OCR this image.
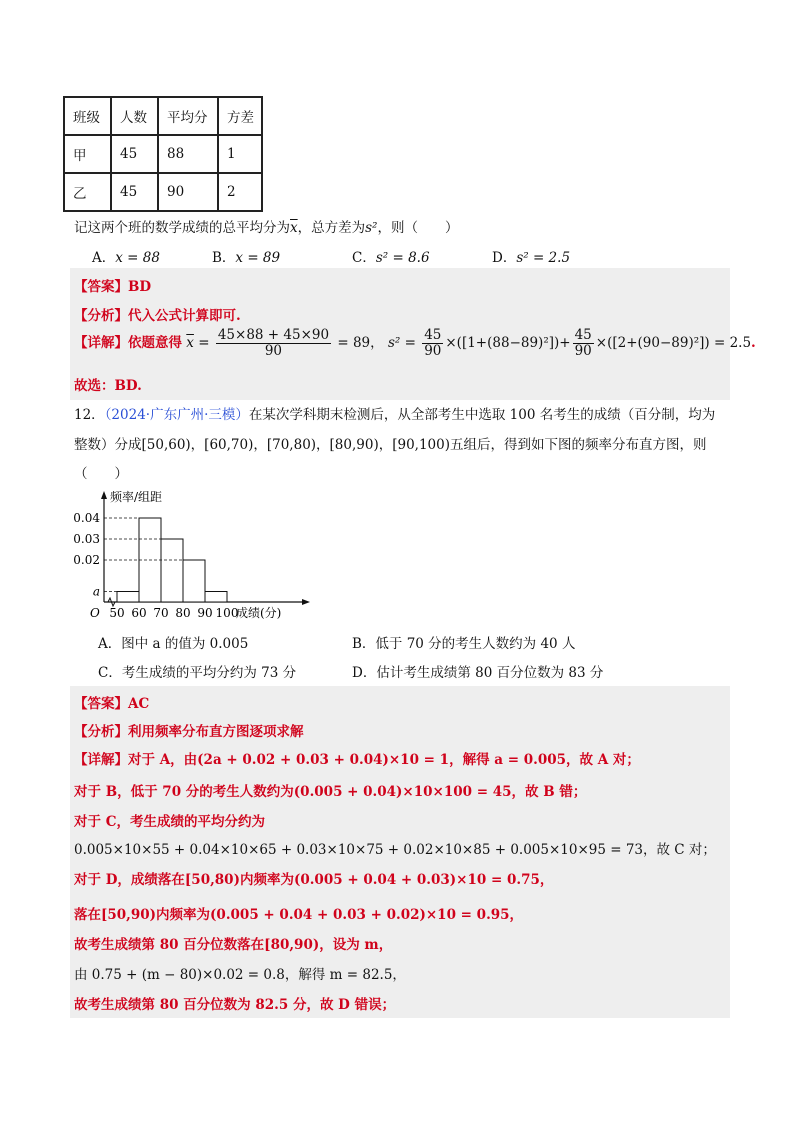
班级	人数	平均分	方差
甲	45	88	1
乙	45	90	2
记这两个班的数学成绩的总平均分为$\overline{x}$，总方差为s²，则（　　）
A．x = 88	B．x = 89	C．s² = 8.6	D．s² = 2.5
【答案】BD
【分析】代入公式计算即可.
【详解】依题意得 $\overline{x} = \frac{45\times 88 + 45\times 90}{90} = 89$， $s^2 = \frac{45}{90} \times([1+(88-89)^2])+ \frac{45}{90} \times([2+(90-89)^2]) = 2.5$.
故选：BD.
12．（2024·广东广州·三模）在某次学科期末检测后，从全部考生中选取 100 名考生的成绩（百分制，均为
整数）分成[50,60)，[60,70)，[70,80)，[80,90)，[90,100)五组后，得到如下图的频率分布直方图，则
（　　）
0.04
0.03
0.02
a
50 60 70 80 90 100
O
频率/组距
成绩(分)
A．图中 a 的值为 0.005	B．低于 70 分的考生人数约为 40 人
C．考生成绩的平均分约为 73 分	D．估计考生成绩第 80 百分位数为 83 分
【答案】AC
【分析】利用频率分布直方图逐项求解
【详解】对于 A，由(2a + 0.02 + 0.03 + 0.04)×10 = 1，解得 a = 0.005，故 A 对；
对于 B，低于 70 分的考生人数约为(0.005 + 0.04)×10×100 = 45，故 B 错；
对于 C，考生成绩的平均分约为
0.005×10×55 + 0.04×10×65 + 0.03×10×75 + 0.02×10×85 + 0.005×10×95 = 73，故 C 对；
对于 D，成绩落在[50,80)内频率为(0.005 + 0.04 + 0.03)×10 = 0.75，
落在[50,90)内频率为(0.005 + 0.04 + 0.03 + 0.02)×10 = 0.95，
故考生成绩第 80 百分位数落在[80,90)，设为 m，
由 0.75 + (m − 80)×0.02 = 0.8，解得 m = 82.5，
故考生成绩第 80 百分位数为 82.5 分，故 D 错误；
